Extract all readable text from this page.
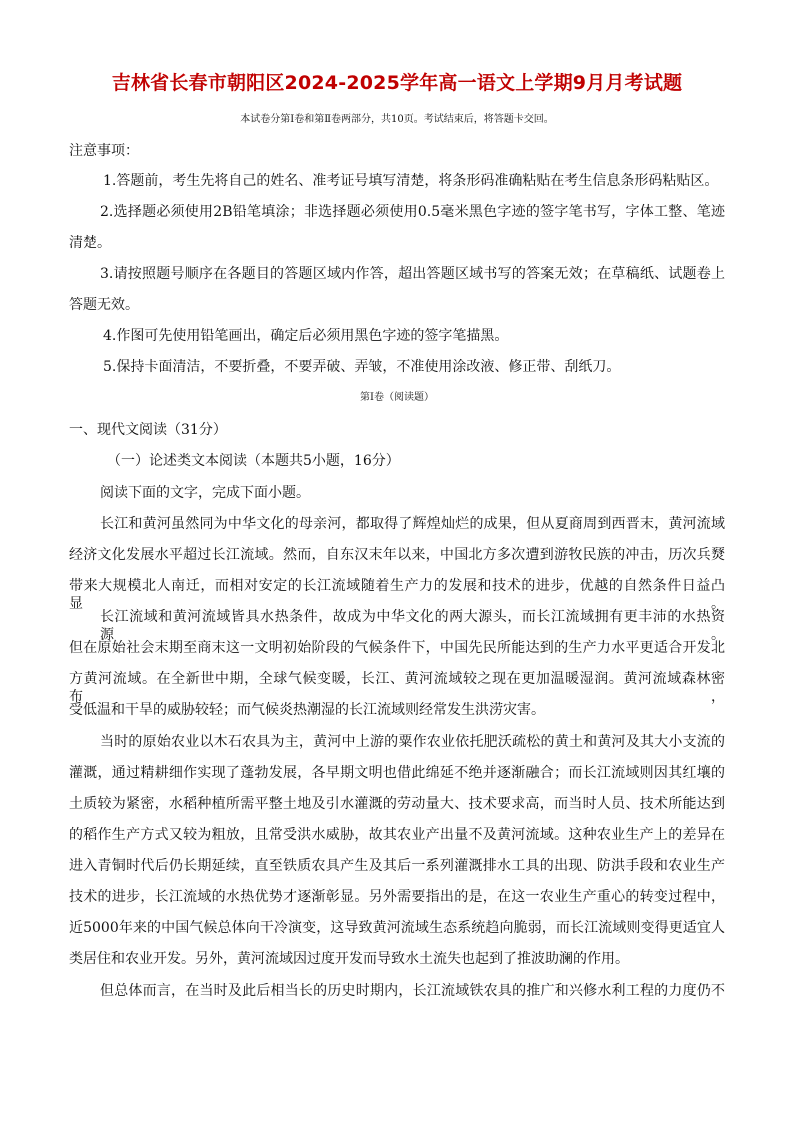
吉林省长春市朝阳区2024-2025学年高一语文上学期9月月考试题
本试卷分第Ⅰ卷和第Ⅱ卷两部分，共10页。考试结束后，将答题卡交回。
注意事项：
1.答题前，考生先将自己的姓名、准考证号填写清楚，将条形码准确粘贴在考生信息条形码粘贴区。
2.选择题必须使用2B铅笔填涂；非选择题必须使用0.5毫米黑色字迹的签字笔书写，字体工整、笔迹
清楚。
3.请按照题号顺序在各题目的答题区域内作答，超出答题区域书写的答案无效；在草稿纸、试题卷上
答题无效。
4.作图可先使用铅笔画出，确定后必须用黑色字迹的签字笔描黑。
5.保持卡面清洁，不要折叠，不要弄破、弄皱，不准使用涂改液、修正带、刮纸刀。
第Ⅰ卷（阅读题）
一、现代文阅读（31分）
（一）论述类文本阅读（本题共5小题，16分）
阅读下面的文字，完成下面小题。
长江和黄河虽然同为中华文化的母亲河，都取得了辉煌灿烂的成果，但从夏商周到西晋末，黄河流域
经济文化发展水平超过长江流域。然而，自东汉末年以来，中国北方多次遭到游牧民族的冲击，历次兵燹
带来大规模北人南迁，而相对安定的长江流域随着生产力的发展和技术的进步，优越的自然条件日益凸显。
长江流域和黄河流域皆具水热条件，故成为中华文化的两大源头，而长江流域拥有更丰沛的水热资源。
但在原始社会末期至商末这一文明初始阶段的气候条件下，中国先民所能达到的生产力水平更适合开发北
方黄河流域。在全新世中期，全球气候变暖，长江、黄河流域较之现在更加温暖湿润。黄河流域森林密布，
受低温和干旱的威胁较轻；而气候炎热潮湿的长江流域则经常发生洪涝灾害。
当时的原始农业以木石农具为主，黄河中上游的粟作农业依托肥沃疏松的黄土和黄河及其大小支流的
灌溉，通过精耕细作实现了蓬勃发展，各早期文明也借此绵延不绝并逐渐融合；而长江流域则因其红壤的
土质较为紧密，水稻种植所需平整土地及引水灌溉的劳动量大、技术要求高，而当时人员、技术所能达到
的稻作生产方式又较为粗放，且常受洪水威胁，故其农业产出量不及黄河流域。这种农业生产上的差异在
进入青铜时代后仍长期延续，直至铁质农具产生及其后一系列灌溉排水工具的出现、防洪手段和农业生产
技术的进步，长江流域的水热优势才逐渐彰显。另外需要指出的是，在这一农业生产重心的转变过程中，
近5000年来的中国气候总体向干冷演变，这导致黄河流域生态系统趋向脆弱，而长江流域则变得更适宜人
类居住和农业开发。另外，黄河流域因过度开发而导致水土流失也起到了推波助澜的作用。
但总体而言，在当时及此后相当长的历史时期内，长江流域铁农具的推广和兴修水利工程的力度仍不
